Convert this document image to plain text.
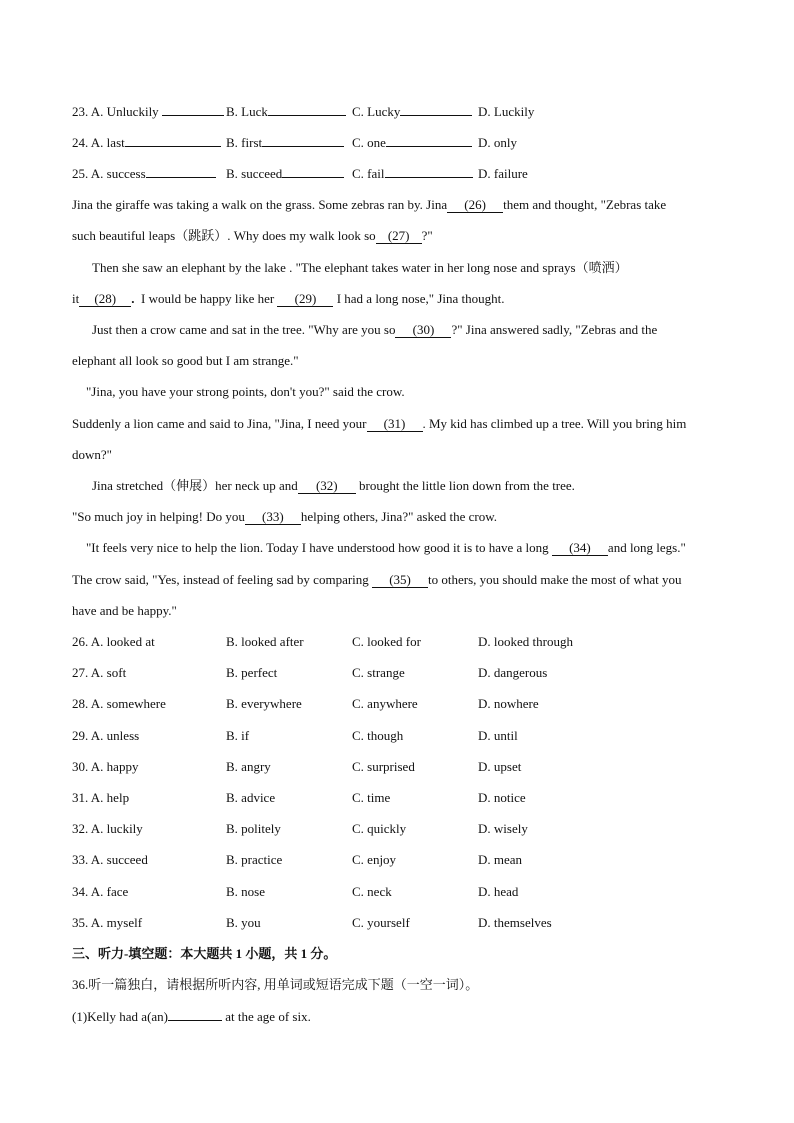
23. A. Unluckily	B. Luck	C. Lucky	D. Luckily
24. A. last	B. first	C. one	D. only
25. A. success	B. succeed	C. fail	D. failure
Jina the giraffe was taking a walk on the grass. Some zebras ran by. Jina (26) them and thought, "Zebras take
such beautiful leaps（跳跃）. Why does my walk look so (27) ?"
Then she saw an elephant by the lake . "The elephant takes water in her long nose and sprays（喷洒）
it (28) . I would be happy like her (29) I had a long nose," Jina thought.
Just then a crow came and sat in the tree. "Why are you so (30) ?" Jina answered sadly, "Zebras and the
elephant all look so good but I am strange."
"Jina, you have your strong points, don't you?" said the crow.
Suddenly a lion came and said to Jina, "Jina, I need your (31) . My kid has climbed up a tree. Will you bring him
down?"
Jina stretched（伸展）her neck up and (32) brought the little lion down from the tree.
"So much joy in helping! Do you (33) helping others, Jina?" asked the crow.
"It feels very nice to help the lion. Today I have understood how good it is to have a long (34) and long legs."
The crow said, "Yes, instead of feeling sad by comparing (35) to others, you should make the most of what you
have and be happy."
26. A. looked at	B. looked after	C. looked for	D. looked through
27. A. soft	B. perfect	C. strange	D. dangerous
28. A. somewhere	B. everywhere	C. anywhere	D. nowhere
29. A. unless	B. if	C. though	D. until
30. A. happy	B. angry	C. surprised	D. upset
31. A. help	B. advice	C. time	D. notice
32. A. luckily	B. politely	C. quickly	D. wisely
33. A. succeed	B. practice	C. enjoy	D. mean
34. A. face	B. nose	C. neck	D. head
35. A. myself	B. you	C. yourself	D. themselves
三、听力-填空题：本大题共 1 小题，共 1 分。
36.听一篇独白，请根据所听内容, 用单词或短语完成下题（一空一词）。
(1)Kelly had a(an)	at the age of six.
